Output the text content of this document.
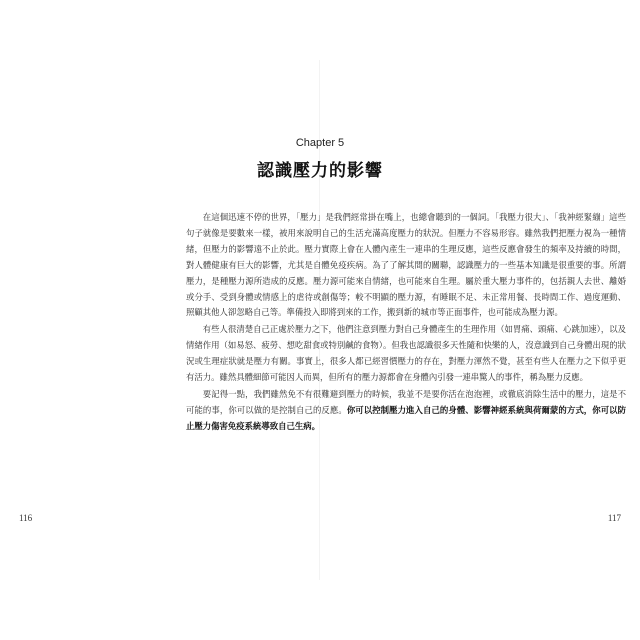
Chapter 5
認識壓力的影響

在這個迅速不停的世界，「壓力」是我們經常掛在嘴上，也總會聽到的一個詞。「我壓力很大」、「我神經緊繃」這些句子就像是要數來一樣，被用來說明自己的生活充滿高度壓力的狀況。但壓力不容易形容。雖然我們把壓力視為一種情緒，但壓力的影響遠不止於此。壓力實際上會在人體內產生一連串的生理反應，這些反應會發生的頻率及持續的時間，對人體健康有巨大的影響，尤其是自體免疫疾病。為了了解其間的關聯，認識壓力的一些基本知識是很重要的事。所謂壓力，是種壓力源所造成的反應。壓力源可能來自情緒，也可能來自生理。屬於重大壓力事件的，包括親人去世、離婚或分手、受到身體或情感上的虐待或創傷等；較不明顯的壓力源，有睡眠不足、未正常用餐、長時間工作、過度運動、照顧其他人卻忽略自己等。準備投入即將到來的工作，搬到新的城市等正面事件，也可能成為壓力源。

有些人很清楚自己正處於壓力之下，他們注意到壓力對自己身體產生的生理作用（如胃痛、頭痛、心跳加速），以及情緒作用（如易怒、疲勞、想吃甜食或特別鹹的食物）。但我也認識很多天性隨和快樂的人，沒意識到自己身體出現的狀況或生理症狀就是壓力有關。事實上，很多人都已經習慣壓力的存在，對壓力渾然不覺，甚至有些人在壓力之下似乎更有活力。雖然具體細節可能因人而異，但所有的壓力源都會在身體內引發一連串驚人的事件，稱為壓力反應。

要記得一點，我們雖然免不有很難避到壓力的時候，我並不是要你活在泡泡裡，或徹底消除生活中的壓力，這是不可能的事，你可以做的是控制自己的反應。你可以控制壓力進入自己的身體、影響神經系統與荷爾蒙的方式，你可以防止壓力傷害免疫系統導致自己生病。

116	117
